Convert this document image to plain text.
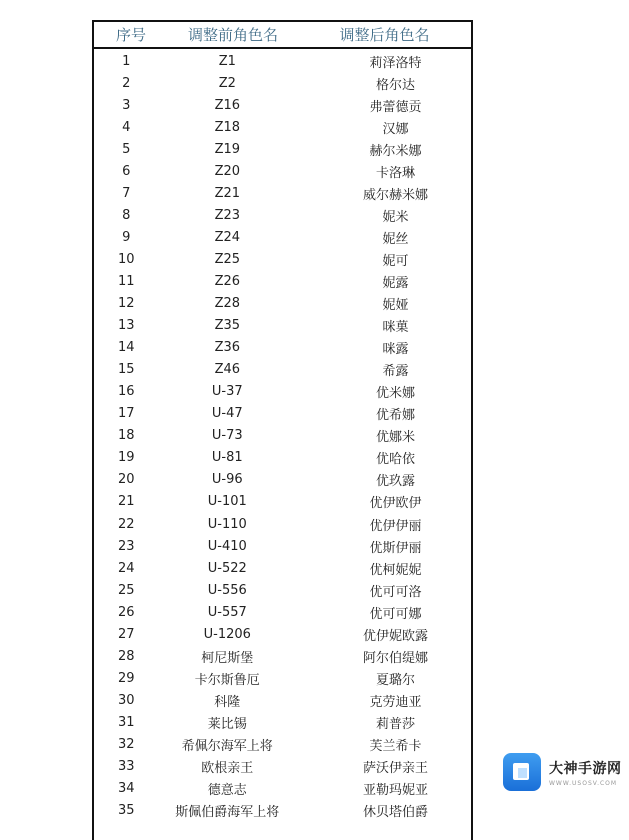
序号	调整前角色名	调整后角色名
1	Z1	莉泽洛特
2	Z2	格尔达
3	Z16	弗蕾德贡
4	Z18	汉娜
5	Z19	赫尔米娜
6	Z20	卡洛琳
7	Z21	威尔赫米娜
8	Z23	妮米
9	Z24	妮丝
10	Z25	妮可
11	Z26	妮露
12	Z28	妮娅
13	Z35	咪菓
14	Z36	咪露
15	Z46	希露
16	U-37	优米娜
17	U-47	优希娜
18	U-73	优娜米
19	U-81	优哈依
20	U-96	优玖露
21	U-101	优伊欧伊
22	U-110	优伊伊丽
23	U-410	优斯伊丽
24	U-522	优柯妮妮
25	U-556	优可可洛
26	U-557	优可可娜
27	U-1206	优伊妮欧露
28	柯尼斯堡	阿尔伯缇娜
29	卡尔斯鲁厄	夏璐尔
30	科隆	克劳迪亚
31	莱比锡	莉普莎
32	希佩尔海军上将	芙兰希卡
33	欧根亲王	萨沃伊亲王
34	德意志	亚勒玛妮亚
35	斯佩伯爵海军上将	休贝塔伯爵
大神手游网
WWW.USOSV.COM
